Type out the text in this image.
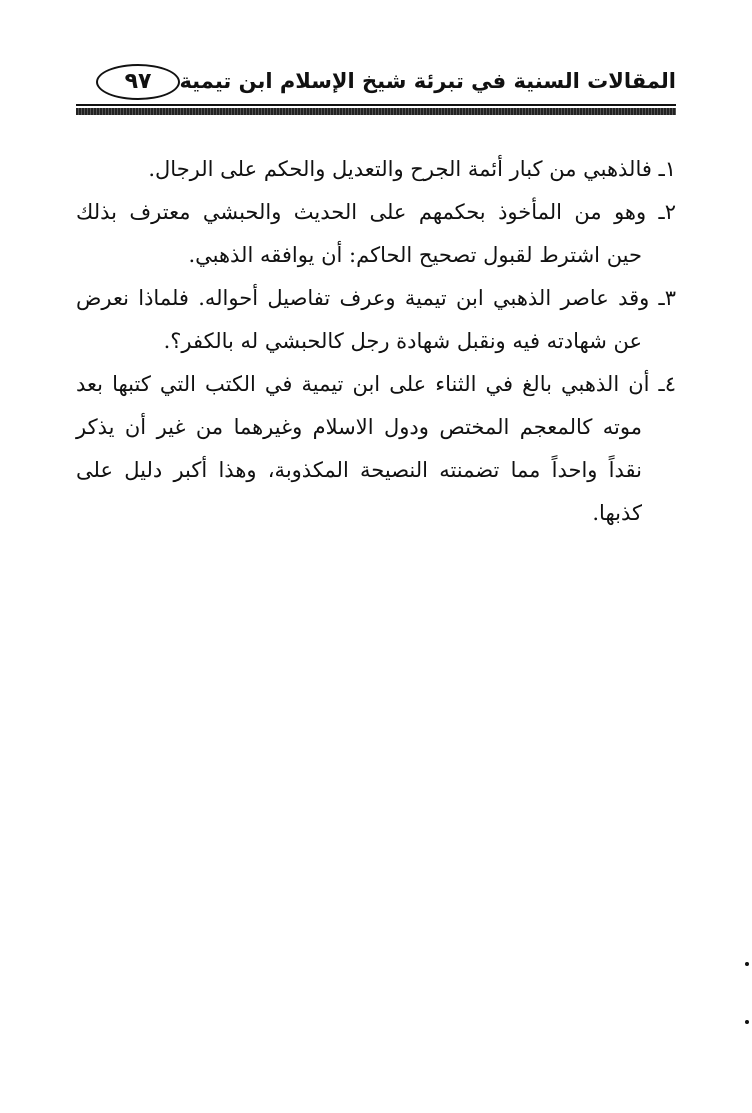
٩٧	المقالات السنية في تبرئة شيخ الإسلام ابن تيمية
١ـ فالذهبي من كبار أئمة الجرح والتعديل والحكم على الرجال.
٢ـ وهو من المأخوذ بحكمهم على الحديث والحبشي معترف بذلك
حين اشترط لقبول تصحيح الحاكم: أن يوافقه الذهبي.
٣ـ وقد عاصر الذهبي ابن تيمية وعرف تفاصيل أحواله. فلماذا نعرض
عن شهادته فيه ونقبل شهادة رجل كالحبشي له بالكفر؟.
٤ـ أن الذهبي بالغ في الثناء على ابن تيمية في الكتب التي كتبها بعد
موته كالمعجم المختص ودول الاسلام وغيرهما من غير أن يذكر
نقداً واحداً مما تضمنته النصيحة المكذوبة، وهذا أكبر دليل على
كذبها.
